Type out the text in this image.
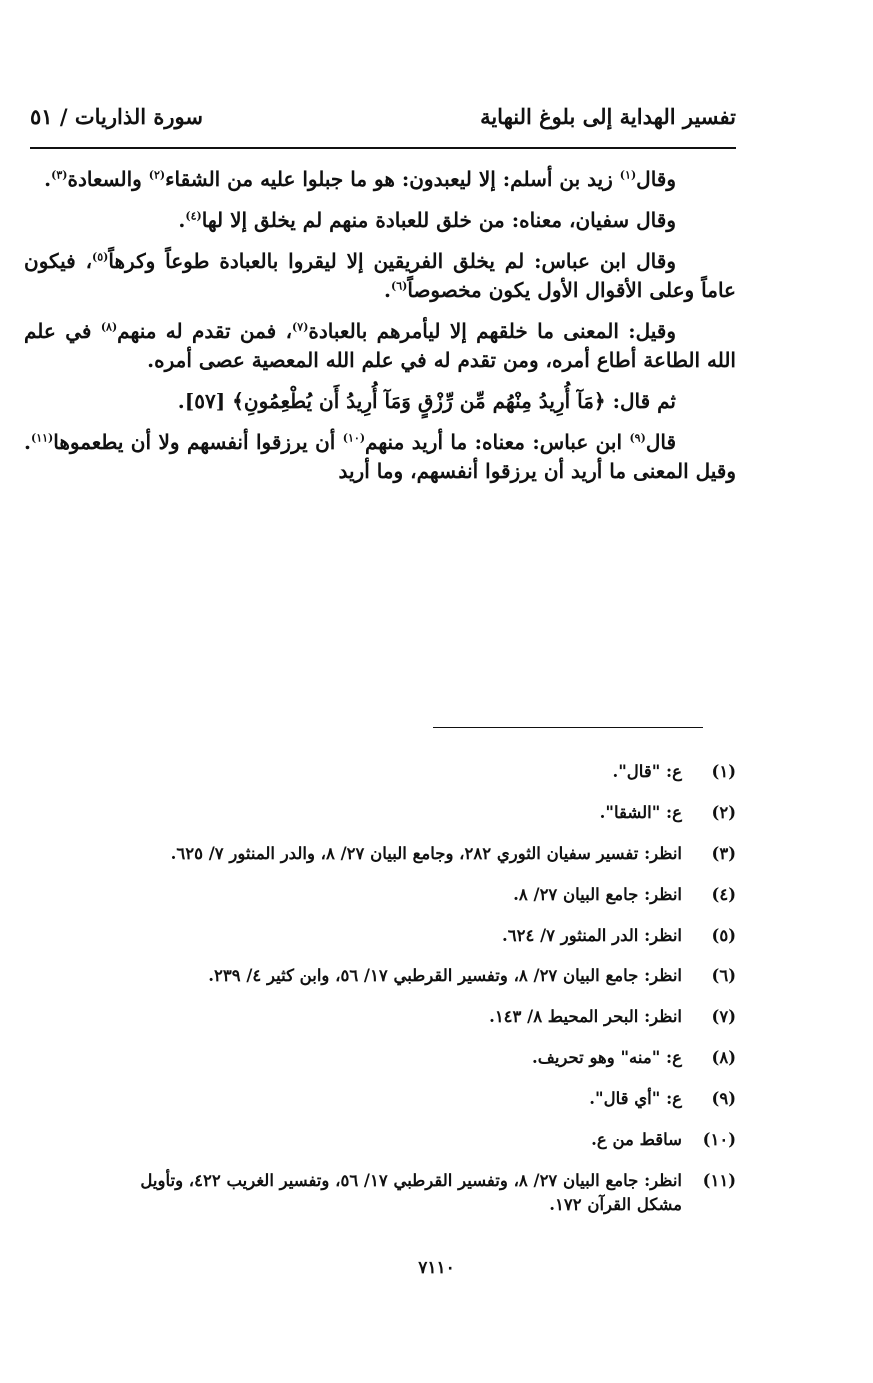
تفسير الهداية إلى بلوغ النهاية
سورة الذاريات / ٥١

وقال$^{(١)}$ زيد بن أسلم: إلا ليعبدون: هو ما جبلوا عليه من الشقاء$^{(٢)}$ والسعادة$^{(٣)}$.

وقال سفيان، معناه: من خلق للعبادة منهم لم يخلق إلا لها$^{(٤)}$.

وقال ابن عباس: لم يخلق الفريقين إلا ليقروا بالعبادة طوعاً وكرهاً$^{(٥)}$، فيكون عاماً وعلى الأقوال الأول يكون مخصوصاً$^{(٦)}$.

وقيل: المعنى ما خلقهم إلا ليأمرهم بالعبادة$^{(٧)}$، فمن تقدم له منهم$^{(٨)}$ في علم الله الطاعة أطاع أمره، ومن تقدم له في علم الله المعصية عصى أمره.

ثم قال: ﴿مَآ أُرِيدُ مِنْهُم مِّن رِّزْقٍ وَمَآ أُرِيدُ أَن يُطْعِمُونِ﴾ [٥٧].

قال$^{(٩)}$ ابن عباس: معناه: ما أريد منهم$^{(١٠)}$ أن يرزقوا أنفسهم ولا أن يطعموها$^{(١١)}$. وقيل المعنى ما أريد أن يرزقوا أنفسهم، وما أريد

(١)
ع: "قال".
(٢)
ع: "الشقا".
(٣)
انظر: تفسير سفيان الثوري ٢٨٢، وجامع البيان ٢٧/ ٨، والدر المنثور ٧/ ٦٢٥.
(٤)
انظر: جامع البيان ٢٧/ ٨.
(٥)
انظر: الدر المنثور ٧/ ٦٢٤.
(٦)
انظر: جامع البيان ٢٧/ ٨، وتفسير القرطبي ١٧/ ٥٦، وابن كثير ٤/ ٢٣٩.
(٧)
انظر: البحر المحيط ٨/ ١٤٣.
(٨)
ع: "منه" وهو تحريف.
(٩)
ع: "أي قال".
(١٠)
ساقط من ع.
(١١)
انظر: جامع البيان ٢٧/ ٨، وتفسير القرطبي ١٧/ ٥٦، وتفسير الغريب ٤٢٢، وتأويل مشكل القرآن ١٧٢.
٧١١٠
